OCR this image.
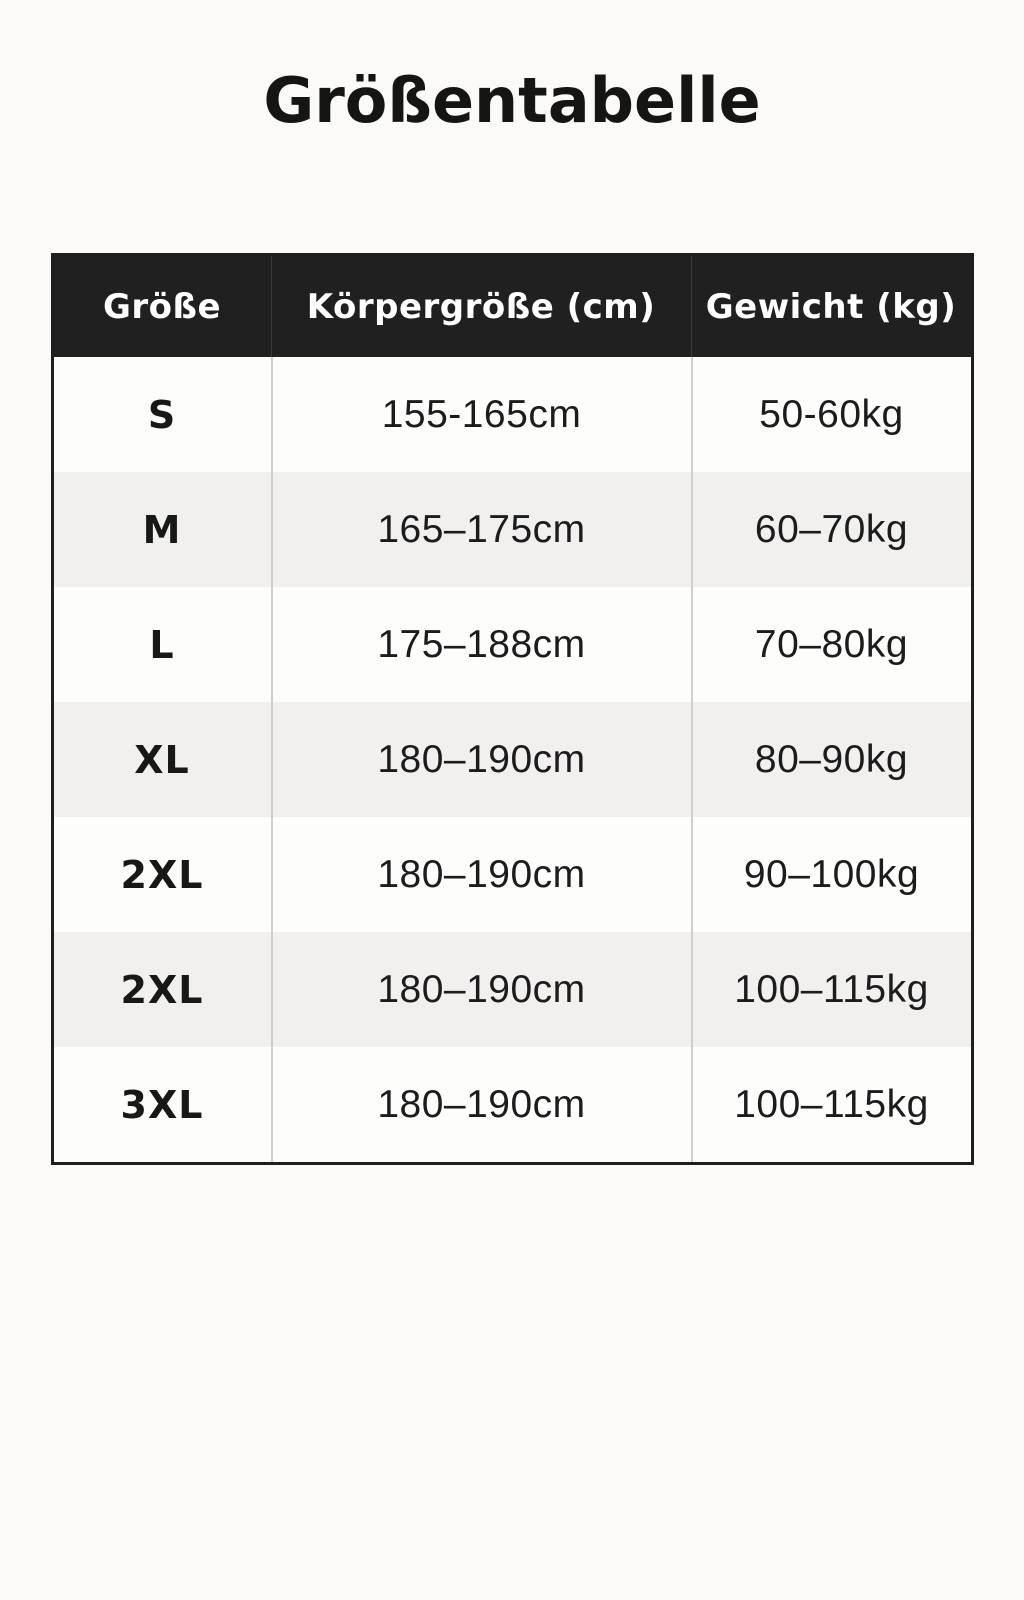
Größentabelle
Größe	Körpergröße (cm)	Gewicht (kg)
S	155-165cm	50-60kg
M	165–175cm	60–70kg
L	175–188cm	70–80kg
XL	180–190cm	80–90kg
2XL	180–190cm	90–100kg
2XL	180–190cm	100–115kg
3XL	180–190cm	100–115kg
